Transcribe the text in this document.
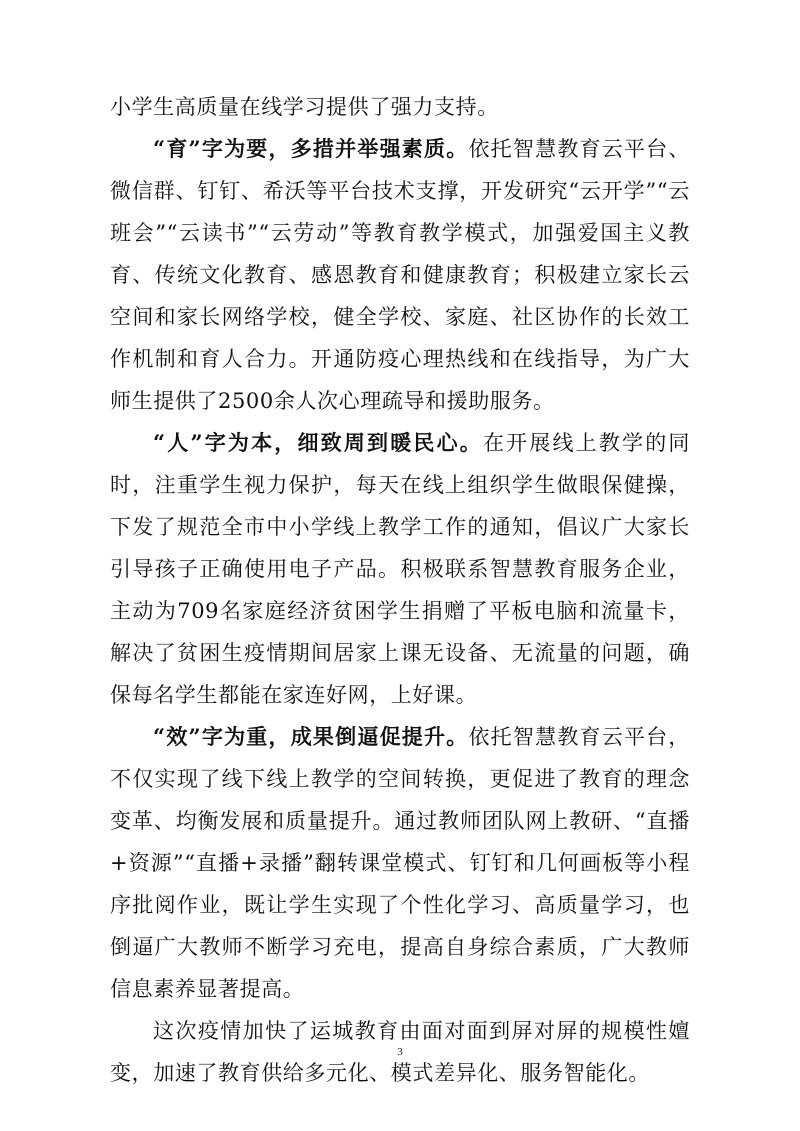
小学生高质量在线学习提供了强力支持。

“育”字为要，多措并举强素质。依托智慧教育云平台、微信群、钉钉、希沃等平台技术支撑，开发研究“云开学”“云班会”“云读书”“云劳动”等教育教学模式，加强爱国主义教育、传统文化教育、感恩教育和健康教育；积极建立家长云空间和家长网络学校，健全学校、家庭、社区协作的长效工作机制和育人合力。开通防疫心理热线和在线指导，为广大师生提供了2500余人次心理疏导和援助服务。

“人”字为本，细致周到暖民心。在开展线上教学的同时，注重学生视力保护，每天在线上组织学生做眼保健操，下发了规范全市中小学线上教学工作的通知，倡议广大家长引导孩子正确使用电子产品。积极联系智慧教育服务企业，主动为709名家庭经济贫困学生捐赠了平板电脑和流量卡，解决了贫困生疫情期间居家上课无设备、无流量的问题，确保每名学生都能在家连好网，上好课。

“效”字为重，成果倒逼促提升。依托智慧教育云平台，不仅实现了线下线上教学的空间转换，更促进了教育的理念变革、均衡发展和质量提升。通过教师团队网上教研、“直播+资源”“直播+录播”翻转课堂模式、钉钉和几何画板等小程序批阅作业，既让学生实现了个性化学习、高质量学习，也倒逼广大教师不断学习充电，提高自身综合素质，广大教师信息素养显著提高。

这次疫情加快了运城教育由面对面到屏对屏的规模性嬗变，加速了教育供给多元化、模式差异化、服务智能化。

3
